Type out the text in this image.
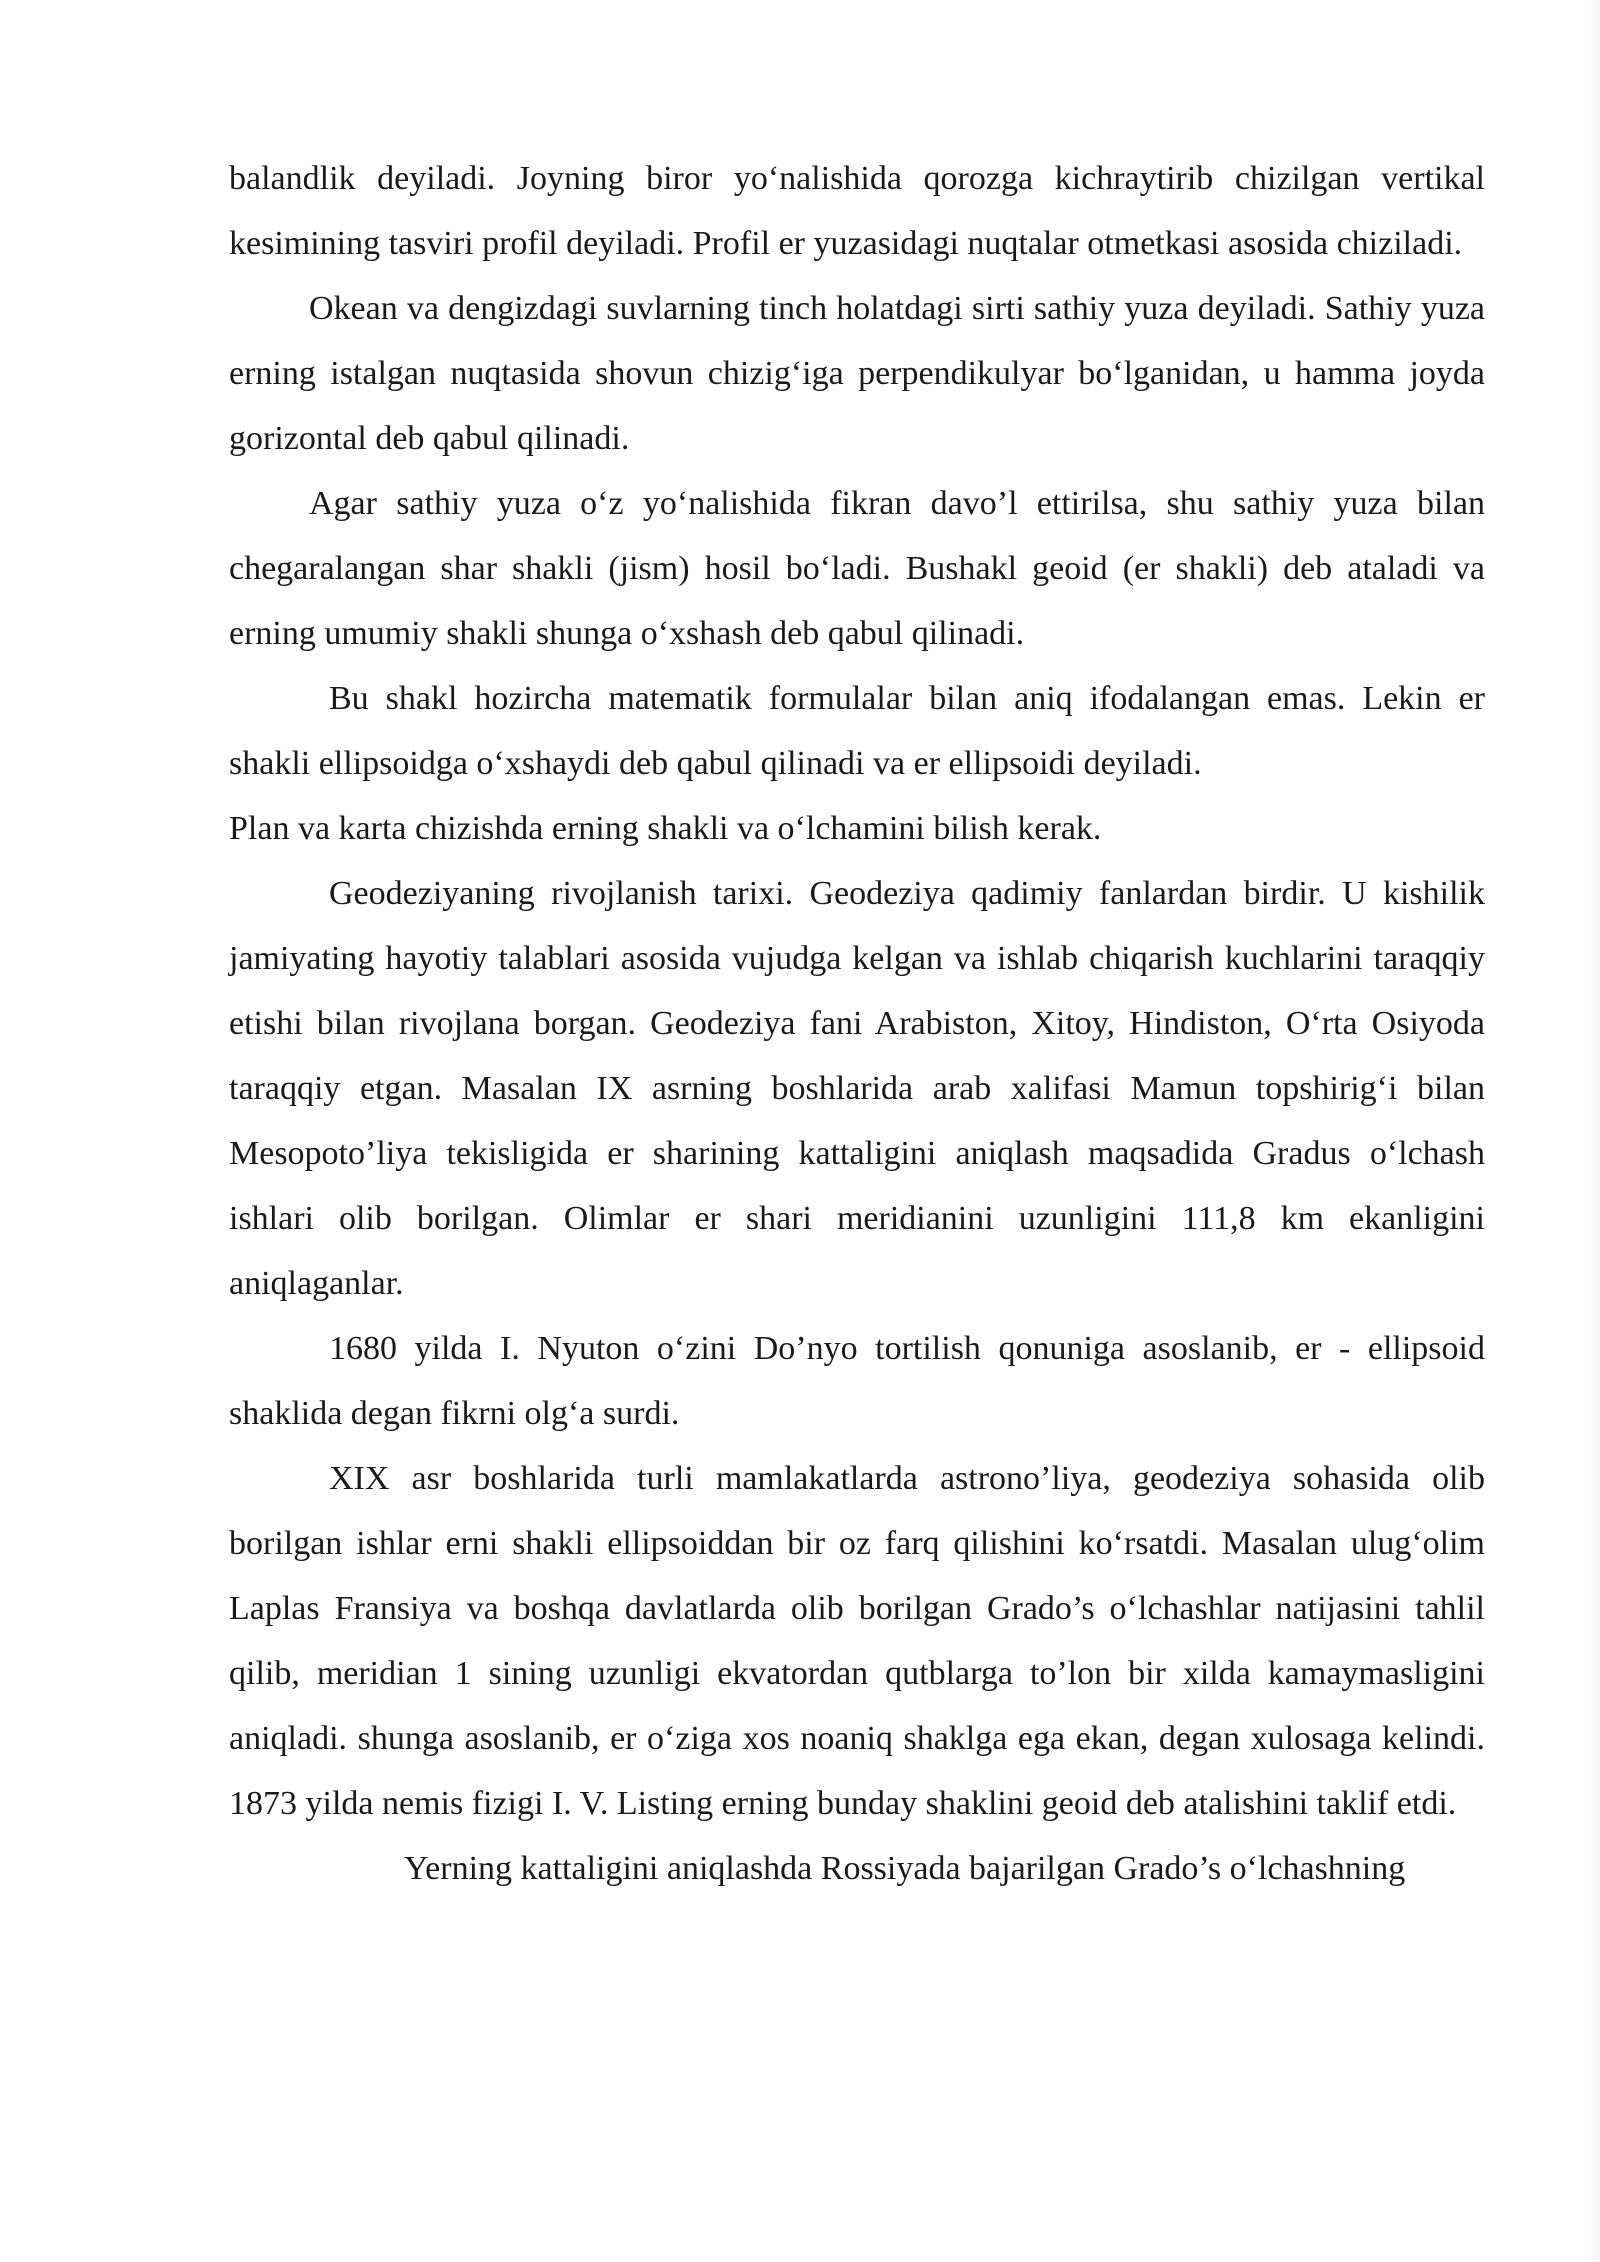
balandlik deyiladi. Joyning biror yo‘nalishida qorozga kichraytirib chizilgan vertikal kesimining tasviri profil deyiladi. Profil er yuzasidagi nuqtalar otmetkasi asosida chiziladi.

Okean va dengizdagi suvlarning tinch holatdagi sirti sathiy yuza deyiladi. Sathiy yuza erning istalgan nuqtasida shovun chizig‘iga perpendikulyar bo‘lganidan, u hamma joyda gorizontal deb qabul qilinadi.

Agar sathiy yuza o‘z yo‘nalishida fikran davo’l ettirilsa, shu sathiy yuza bilan chegaralangan shar shakli (jism) hosil bo‘ladi. Bushakl geoid (er shakli) deb ataladi va erning umumiy shakli shunga o‘xshash deb qabul qilinadi.

Bu shakl hozircha matematik formulalar bilan aniq ifodalangan emas. Lekin er shakli ellipsoidga o‘xshaydi deb qabul qilinadi va er ellipsoidi deyiladi.

Plan va karta chizishda erning shakli va o‘lchamini bilish kerak.

Geodeziyaning rivojlanish tarixi. Geodeziya qadimiy fanlardan birdir. U kishilik jamiyating hayotiy talablari asosida vujudga kelgan va ishlab chiqarish kuchlarini taraqqiy etishi bilan rivojlana borgan. Geodeziya fani Arabiston, Xitoy, Hindiston, O‘rta Osiyoda taraqqiy etgan. Masalan IX asrning boshlarida arab xalifasi Mamun topshirig‘i bilan Mesopoto’liya tekisligida er sharining kattaligini aniqlash maqsadida Gradus o‘lchash ishlari olib borilgan. Olimlar er shari meridianini uzunligini 111,8 km ekanligini aniqlaganlar.

1680 yilda I. Nyuton o‘zini Do’nyo tortilish qonuniga asoslanib, er - ellipsoid shaklida degan fikrni olg‘a surdi.

XIX asr boshlarida turli mamlakatlarda astrono’liya, geodeziya sohasida olib borilgan ishlar erni shakli ellipsoiddan bir oz farq qilishini ko‘rsatdi. Masalan ulug‘olim Laplas Fransiya va boshqa davlatlarda olib borilgan Grado’s o‘lchashlar natijasini tahlil qilib, meridian 1 sining uzunligi ekvatordan qutblarga to’lon bir xilda kamaymasligini aniqladi. shunga asoslanib, er o‘ziga xos noaniq shaklga ega ekan, degan xulosaga kelindi. 1873 yilda nemis fizigi I. V. Listing erning bunday shaklini geoid deb atalishini taklif etdi.

Yerning kattaligini aniqlashda Rossiyada bajarilgan Grado’s o‘lchashning
